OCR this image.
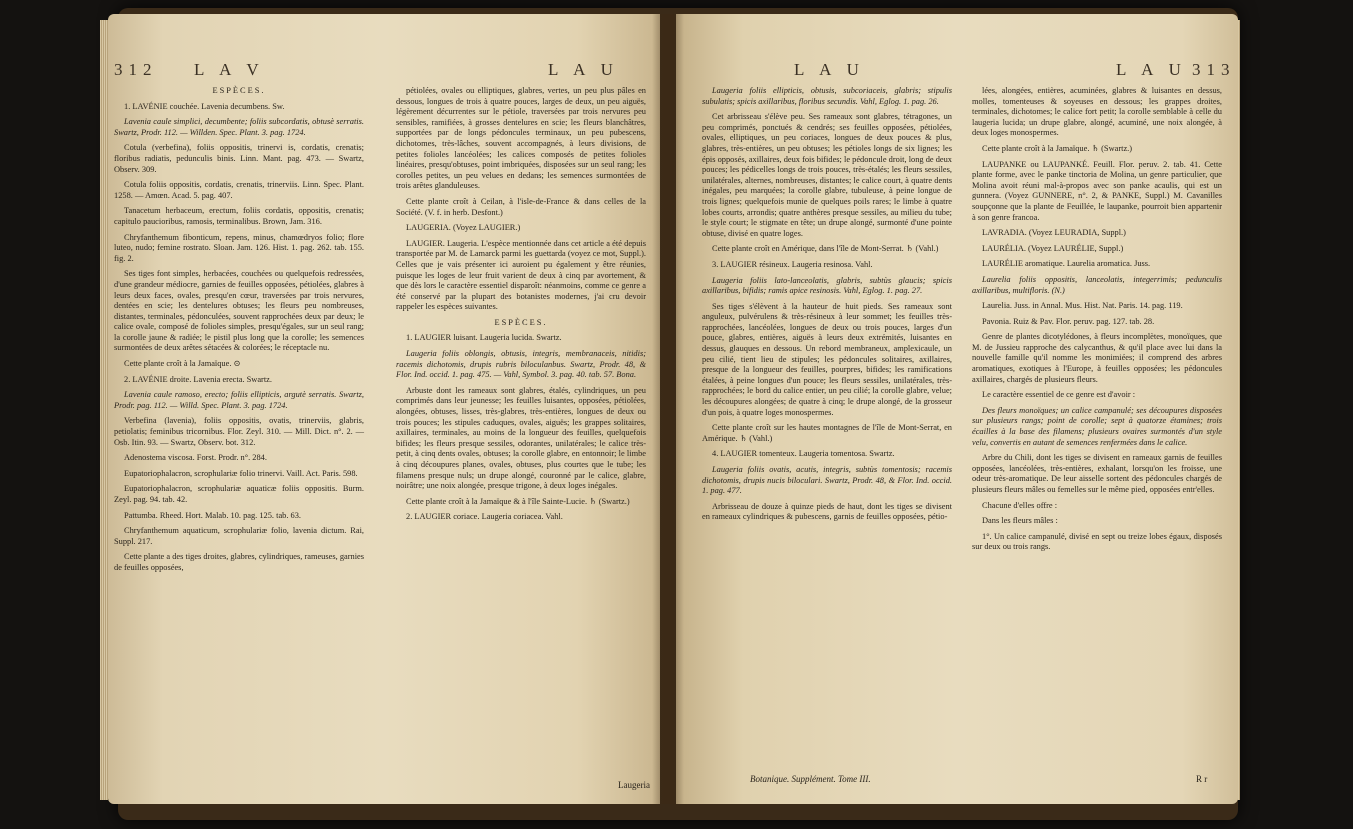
312 L A V	L A U

ESPÈCES.

1. LAVÉNIE couchée. Lavenia decumbens. Sw.

Lavenia caule simplici, decumbente; foliis subcordatis, obtusè serratis. Swartz, Prodr. 112. — Willden. Spec. Plant. 3. pag. 1724.

Cotula (verbefina), foliis oppositis, trinervi is, cordatis, crenatis; floribus radiatis, pedunculis binis. Linn. Mant. pag. 473. — Swartz, Observ. 309.

Cotula foliis oppositis, cordatis, crenatis, trinerviis. Linn. Spec. Plant. 1258. — Amœn. Acad. 5. pag. 407.

Tanacetum herbaceum, erectum, foliis cordatis, oppositis, crenatis; capitulo paucioribus, ramosis, terminalibus. Brown, Jam. 316.

Chryfanthemum fibonticum, repens, minus, chamœdryos folio; flore luteo, nudo; femine rostrato. Sloan. Jam. 126. Hist. 1. pag. 262. tab. 155. fig. 2.

Ses tiges font simples, herbacées, couchées ou quelquefois redressées, d'une grandeur médiocre, garnies de feuilles opposées, pétiolées, glabres à leurs deux faces, ovales, presqu'en cœur, traversées par trois nervures, dentées en scie; les dentelures obtuses; les fleurs peu nombreuses, distantes, terminales, pédonculées, souvent rapprochées deux par deux; le calice ovale, composé de folioles simples, presqu'égales, sur un seul rang; la corolle jaune & radiée; le pistil plus long que la corolle; les semences surmontées de deux arêtes sétacées & colorées; le réceptacle nu.

Cette plante croît à la Jamaïque. ⊙

2. LAVÉNIE droite. Lavenia erecta. Swartz.

Lavenia caule ramoso, erecto; foliis ellipticis, argutè serratis. Swartz, Prodr. pag. 112. — Willd. Spec. Plant. 3. pag. 1724.

Verbefina (lavenia), foliis oppositis, ovatis, trinerviis, glabris, petiolatis; feminibus tricornibus. Flor. Zeyl. 310. — Mill. Dict. n°. 2. — Osb. Itin. 93. — Swartz, Observ. bot. 312.

Adenostema viscosa. Forst. Prodr. n°. 284.

Eupatoriophalacron, scrophulariæ folio trinervi. Vaill. Act. Paris. 598.

Eupatoriophalacron, scrophulariæ aquaticæ foliis oppositis. Burm. Zeyl. pag. 94. tab. 42.

Pattumba. Rheed. Hort. Malab. 10. pag. 125. tab. 63.

Chryfanthemum aquaticum, scrophulariæ folio, lavenia dictum. Rai, Suppl. 217.

Cette plante a des tiges droites, glabres, cylindriques, rameuses, garnies de feuilles opposées,

pétiolées, ovales ou elliptiques, glabres, vertes, un peu plus pâles en dessous, longues de trois à quatre pouces, larges de deux, un peu aiguës, légèrement décurrentes sur le pétiole, traversées par trois nervures peu sensibles, ramifiées, à grosses dentelures en scie; les fleurs blanchâtres, supportées par de longs pédoncules terminaux, un peu pubescens, dichotomes, très-lâches, souvent accompagnés, à leurs divisions, de petites folioles lancéolées; les calices composés de petites folioles linéaires, presqu'obtuses, point imbriquées, disposées sur un seul rang; les corolles petites, un peu velues en dedans; les semences surmontées de trois arêtes glanduleuses.

Cette plante croît à Ceilan, à l'isle-de-France & dans celles de la Société. (V. f. in herb. Desfont.)

LAUGERIA. (Voyez LAUGIER.)

LAUGIER. Laugeria. L'espèce mentionnée dans cet article a été depuis transportée par M. de Lamarck parmi les guettarda (voyez ce mot, Suppl.). Celles que je vais présenter ici auroient pu également y être réunies, puisque les loges de leur fruit varient de deux à cinq par avortement, & que dès lors le caractère essentiel disparoît: néanmoins, comme ce genre a été conservé par la plupart des botanistes modernes, j'ai cru devoir rappeler les espèces suivantes.

ESPÈCES.

1. LAUGIER luisant. Laugeria lucida. Swartz.

Laugeria foliis oblongis, obtusis, integris, membranaceis, nitidis; racemis dichotomis, drupis rubris biloculanbus. Swartz, Prodr. 48, & Flor. Ind. occid. 1. pag. 475. — Vahl, Symbol. 3. pag. 40. tab. 57. Bona.

Arbuste dont les rameaux sont glabres, étalés, cylindriques, un peu comprimés dans leur jeunesse; les feuilles luisantes, opposées, pétiolées, alongées, obtuses, lisses, très-glabres, très-entières, longues de deux ou trois pouces; les stipules caduques, ovales, aiguës; les grappes solitaires, axillaires, terminales, au moins de la longueur des feuilles, quelquefois bifides; les fleurs presque sessiles, odorantes, unilatérales; le calice très-petit, à cinq dents ovales, obtuses; la corolle glabre, en entonnoir; le limbe à cinq découpures planes, ovales, obtuses, plus courtes que le tube; les filamens presque nuls; un drupe alongé, couronné par le calice, glabre, noirâtre; une noix alongée, presque trigone, à deux loges inégales.

Cette plante croît à la Jamaïque & à l'île Sainte-Lucie. ♄ (Swartz.)

2. LAUGIER coriace. Laugeria coriacea. Vahl.

Laugeria
L A U	L A U 313

Laugeria foliis ellipticis, obtusis, subcoriaceis, glabris; stipulis subulatis; spicis axillaribus, floribus secundis. Vahl, Eglog. 1. pag. 26.

Cet arbrisseau s'élève peu. Ses rameaux sont glabres, tétragones, un peu comprimés, ponctués & cendrés; ses feuilles opposées, pétiolées, ovales, elliptiques, un peu coriaces, longues de deux pouces & plus, glabres, très-entières, un peu obtuses; les pétioles longs de six lignes; les épis opposés, axillaires, deux fois bifides; le pédoncule droit, long de deux pouces; les pédicelles longs de trois pouces, très-étalés; les fleurs sessiles, unilatérales, alternes, nombreuses, distantes; le calice court, à quatre dents inégales, peu marquées; la corolle glabre, tubuleuse, à peine longue de trois lignes; quelquefois munie de quelques poils rares; le limbe à quatre lobes courts, arrondis; quatre anthères presque sessiles, au milieu du tube; le style court; le stigmate en tête; un drupe alongé, surmonté d'une pointe obtuse, divisé en quatre loges.

Cette plante croît en Amérique, dans l'île de Mont-Serrat. ♄ (Vahl.)

3. LAUGIER résineux. Laugeria resinosa. Vahl.

Laugeria foliis lato-lanceolatis, glabris, subtùs glaucis; spicis axillaribus, bifidis; ramis apice resinosis. Vahl, Eglog. 1. pag. 27.

Ses tiges s'élèvent à la hauteur de huit pieds. Ses rameaux sont anguleux, pulvérulens & très-résineux à leur sommet; les feuilles très-rapprochées, lancéolées, longues de deux ou trois pouces, larges d'un pouce, glabres, entières, aiguës à leurs deux extrémités, luisantes en dessus, glauques en dessous. Un rebord membraneux, amplexicaule, un peu cilié, tient lieu de stipules; les pédoncules solitaires, axillaires, presque de la longueur des feuilles, pourpres, bifides; les ramifications étalées, à peine longues d'un pouce; les fleurs sessiles, unilatérales, très-rapprochées; le bord du calice entier, un peu cilié; la corolle glabre, velue; les découpures alongées; de quatre à cinq; le drupe alongé, de la grosseur d'un pois, à quatre loges monospermes.

Cette plante croît sur les hautes montagnes de l'île de Mont-Serrat, en Amérique. ♄ (Vahl.)

4. LAUGIER tomenteux. Laugeria tomentosa. Swartz.

Laugeria foliis ovatis, acutis, integris, subtùs tomentosis; racemis dichotomis, drupis nucis biloculari. Swartz, Prodr. 48, & Flor. Ind. occid. 1. pag. 477.

Arbrisseau de douze à quinze pieds de haut, dont les tiges se divisent en rameaux cylindriques & pubescens, garnis de feuilles opposées, pétio-

lées, alongées, entières, acuminées, glabres & luisantes en dessus, molles, tomenteuses & soyeuses en dessous; les grappes droites, terminales, dichotomes; le calice fort petit; la corolle semblable à celle du laugeria lucida; un drupe glabre, alongé, acuminé, une noix alongée, à deux loges monospermes.

Cette plante croît à la Jamaïque. ♄ (Swartz.)

LAUPANKE ou LAUPANKÉ. Feuill. Flor. peruv. 2. tab. 41. Cette plante forme, avec le panke tinctoria de Molina, un genre particulier, que Molina avoit réuni mal-à-propos avec son panke acaulis, qui est un gunnera. (Voyez GUNNERE, n°. 2, & PANKE, Suppl.) M. Cavanilles soupçonne que la plante de Feuillée, le laupanke, pourroit bien appartenir à son genre francoa.

LAVRADIA. (Voyez LEURADIA, Suppl.)

LAURÉLIA. (Voyez LAURÉLIE, Suppl.)

LAURÉLIE aromatique. Laurelia aromatica. Juss.

Laurelia foliis oppositis, lanceolatis, integerrimis; pedunculis axillaribus, multifloris. (N.)

Laurelia. Juss. in Annal. Mus. Hist. Nat. Paris. 14. pag. 119.

Pavonia. Ruiz & Pav. Flor. peruv. pag. 127. tab. 28.

Genre de plantes dicotylédones, à fleurs incomplètes, monoïques, que M. de Jussieu rapproche des calycanthus, & qu'il place avec lui dans la nouvelle famille qu'il nomme les monimiées; il comprend des arbres aromatiques, exotiques à l'Europe, à feuilles opposées; les pédoncules axillaires, chargés de plusieurs fleurs.

Le caractère essentiel de ce genre est d'avoir :

Des fleurs monoïques; un calice campanulé; ses découpures disposées sur plusieurs rangs; point de corolle; sept à quatorze étamines; trois écailles à la base des filamens; plusieurs ovaires surmontés d'un style velu, convertis en autant de semences renfermées dans le calice.

Arbre du Chili, dont les tiges se divisent en rameaux garnis de feuilles opposées, lancéolées, très-entières, exhalant, lorsqu'on les froisse, une odeur très-aromatique. De leur aisselle sortent des pédoncules chargés de plusieurs fleurs mâles ou femelles sur le même pied, opposées entr'elles.

Chacune d'elles offre :

Dans les fleurs mâles :

1°. Un calice campanulé, divisé en sept ou treize lobes égaux, disposés sur deux ou trois rangs.

Botanique. Supplément. Tome III.	R r
